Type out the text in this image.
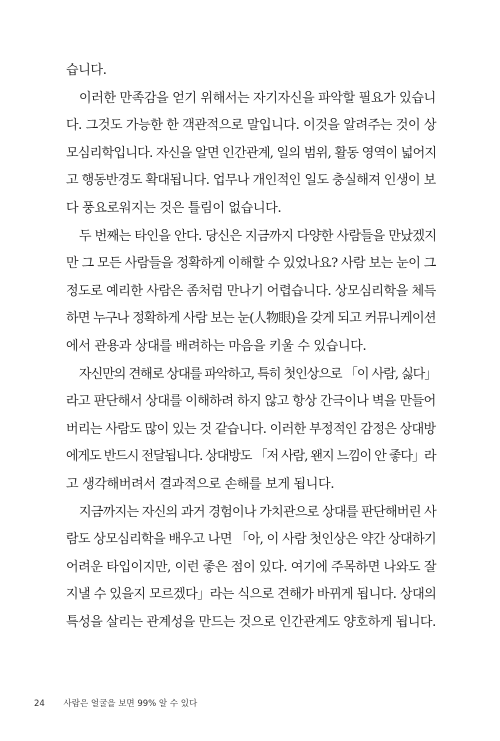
습니다.
이러한 만족감을 얻기 위해서는 자기자신을 파악할 필요가 있습니
다. 그것도 가능한 한 객관적으로 말입니다. 이것을 알려주는 것이 상
모심리학입니다. 자신을 알면 인간관계, 일의 범위, 활동 영역이 넓어지
고 행동반경도 확대됩니다. 업무나 개인적인 일도 충실해져 인생이 보
다 풍요로워지는 것은 틀림이 없습니다.
두 번째는 타인을 안다. 당신은 지금까지 다양한 사람들을 만났겠지
만 그 모든 사람들을 정확하게 이해할 수 있었나요? 사람 보는 눈이 그
정도로 예리한 사람은 좀처럼 만나기 어렵습니다. 상모심리학을 체득
하면 누구나 정확하게 사람 보는 눈(人物眼)을 갖게 되고 커뮤니케이션
에서 관용과 상대를 배려하는 마음을 키울 수 있습니다.
자신만의 견해로 상대를 파악하고, 특히 첫인상으로 「이 사람, 싫다」
라고 판단해서 상대를 이해하려 하지 않고 항상 간극이나 벽을 만들어
버리는 사람도 많이 있는 것 같습니다. 이러한 부정적인 감정은 상대방
에게도 반드시 전달됩니다. 상대방도 「저 사람, 왠지 느낌이 안 좋다」라
고 생각해버려서 결과적으로 손해를 보게 됩니다.
지금까지는 자신의 과거 경험이나 가치관으로 상대를 판단해버린 사
람도 상모심리학을 배우고 나면 「아, 이 사람 첫인상은 약간 상대하기
어려운 타입이지만, 이런 좋은 점이 있다. 여기에 주목하면 나와도 잘
지낼 수 있을지 모르겠다」라는 식으로 견해가 바뀌게 됩니다. 상대의
특성을 살리는 관계성을 만드는 것으로 인간관계도 양호하게 됩니다.
24 사람은 얼굴을 보면 99% 알 수 있다
